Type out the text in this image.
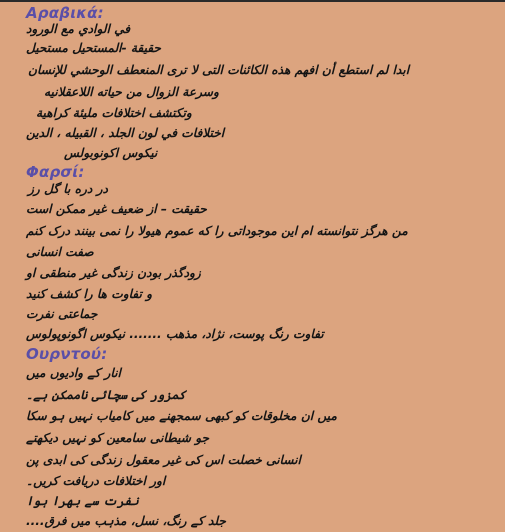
Αραβικά:
في الوادي مع الورود
حقيقة -المستحيل مستحيل
ابدا لم استطع أن افهم هذه الكائنات التى لا ترى المنعطف الوحشي للإنسان
وسرعة الزوال من حياته اللاعقلانيه
وتكتشف اختلافات مليئة كراهية
اختلافات في لون الجلد ، القبيله ، الدين
نيكوس اكونوبولس
Φαρσί:
در دره با گل رز
حقیقت – از ضعیف غیر ممکن است
من هرگز نتوانسته ام این موجوداتی را که عموم هیولا را نمی بینند درک کنم
صفت انسانی
زودگذر بودن زندگی غیر منطقی او
و تفاوت ها را کشف کنید
جماعتی نفرت
تفاوت رنگ پوست، نژاد، مذهب ....... نیکوس اگونوپولوس
Ουρντού:
انار کے وادیوں میں
کمزور کی سچائی ناممکن ہے۔
میں ان مخلوقات کو کبھی سمجھنے میں کامیاب نہیں ہو سکا
جو شیطانی سامعین کو نہیں دیکھتے
انسانی خصلت اس کی غیر معقول زندگی کی ابدی پن
اور اختلافات دریافت کریں۔
نفرت سے بھرا ہوا
جلد کے رنگ، نسل، مذہب میں فرق....
